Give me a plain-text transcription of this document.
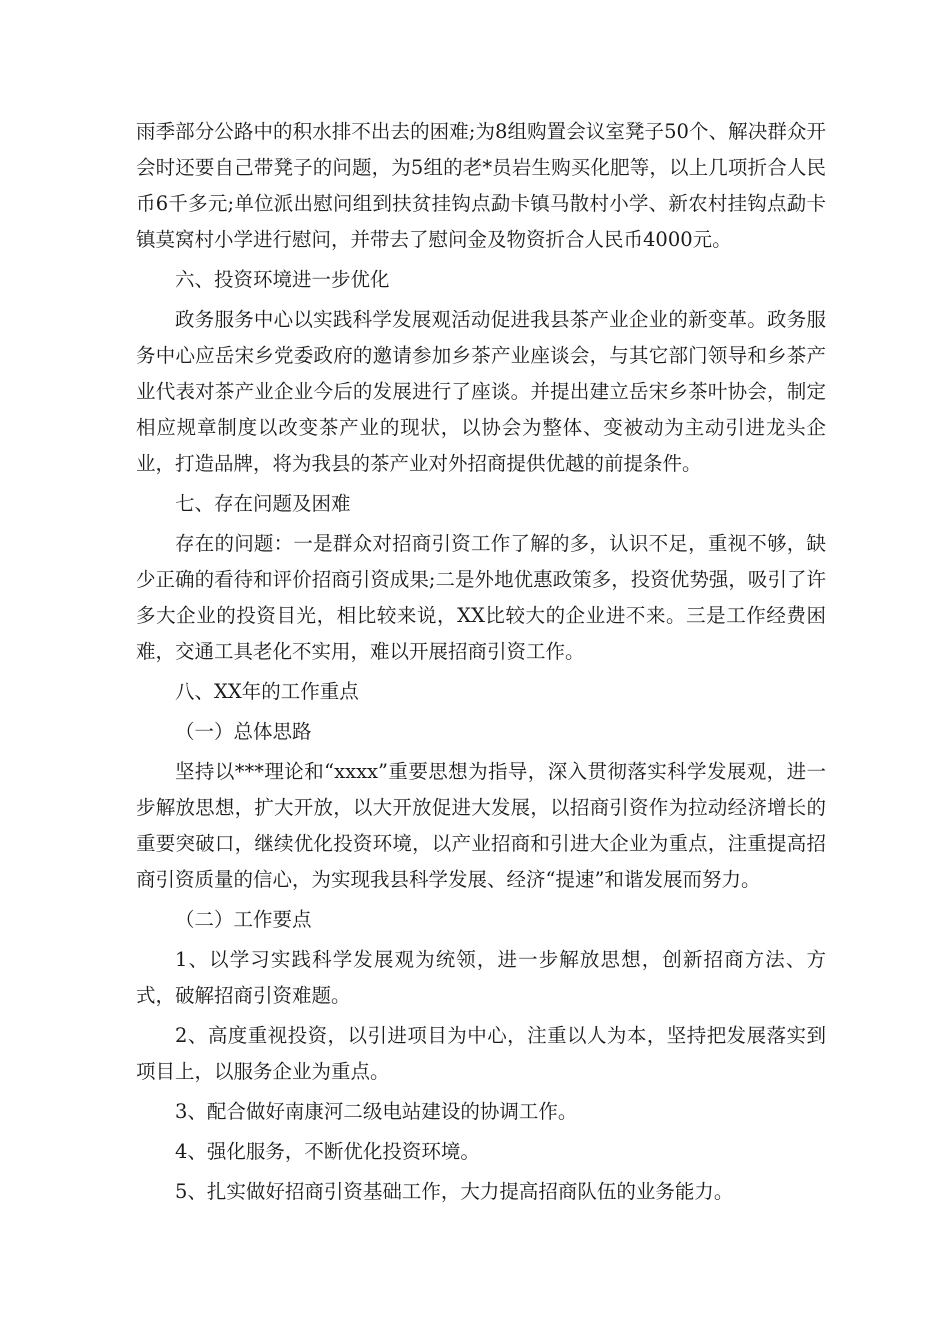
雨季部分公路中的积水排不出去的困难;为8组购置会议室凳子50个、解决群众开会时还要自己带凳子的问题，为5组的老*员岩生购买化肥等，以上几项折合人民币6千多元;单位派出慰问组到扶贫挂钩点勐卡镇马散村小学、新农村挂钩点勐卡镇莫窝村小学进行慰问，并带去了慰问金及物资折合人民币4000元。

六、投资环境进一步优化

政务服务中心以实践科学发展观活动促进我县茶产业企业的新变革。政务服务中心应岳宋乡党委政府的邀请参加乡茶产业座谈会，与其它部门领导和乡茶产业代表对茶产业企业今后的发展进行了座谈。并提出建立岳宋乡茶叶协会，制定相应规章制度以改变茶产业的现状，以协会为整体、变被动为主动引进龙头企业，打造品牌，将为我县的茶产业对外招商提供优越的前提条件。

七、存在问题及困难

存在的问题：一是群众对招商引资工作了解的多，认识不足，重视不够，缺少正确的看待和评价招商引资成果;二是外地优惠政策多，投资优势强，吸引了许多大企业的投资目光，相比较来说，XX比较大的企业进不来。三是工作经费困难，交通工具老化不实用，难以开展招商引资工作。

八、XX年的工作重点

（一）总体思路

坚持以***理论和“xxxx”重要思想为指导，深入贯彻落实科学发展观，进一步解放思想，扩大开放，以大开放促进大发展，以招商引资作为拉动经济增长的重要突破口，继续优化投资环境，以产业招商和引进大企业为重点，注重提高招商引资质量的信心，为实现我县科学发展、经济“提速”和谐发展而努力。

（二）工作要点

1、以学习实践科学发展观为统领，进一步解放思想，创新招商方法、方式，破解招商引资难题。

2、高度重视投资，以引进项目为中心，注重以人为本，坚持把发展落实到项目上，以服务企业为重点。

3、配合做好南康河二级电站建设的协调工作。

4、强化服务，不断优化投资环境。

5、扎实做好招商引资基础工作，大力提高招商队伍的业务能力。
